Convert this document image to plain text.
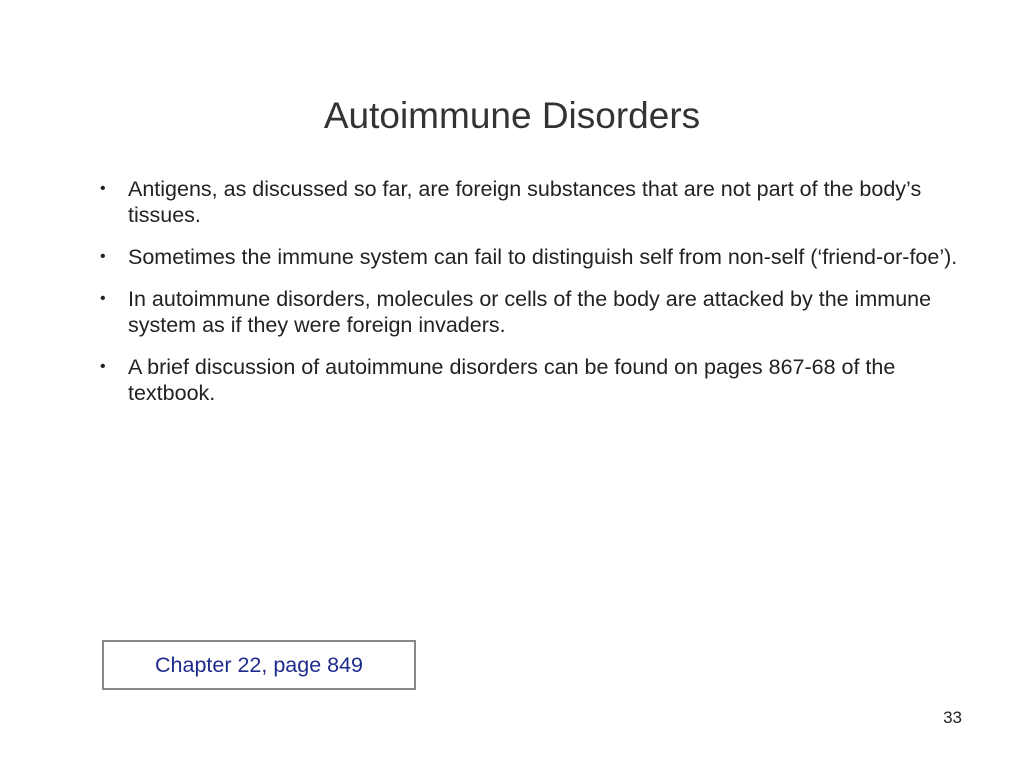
Autoimmune Disorders
• Antigens, as discussed so far, are foreign substances that are not part of the body’s tissues.
• Sometimes the immune system can fail to distinguish self from non-self (‘friend-or-foe’).
• In autoimmune disorders, molecules or cells of the body are attacked by the immune system as if they were foreign invaders.
• A brief discussion of autoimmune disorders can be found on pages 867-68 of the textbook.
Chapter 22, page 849
33
